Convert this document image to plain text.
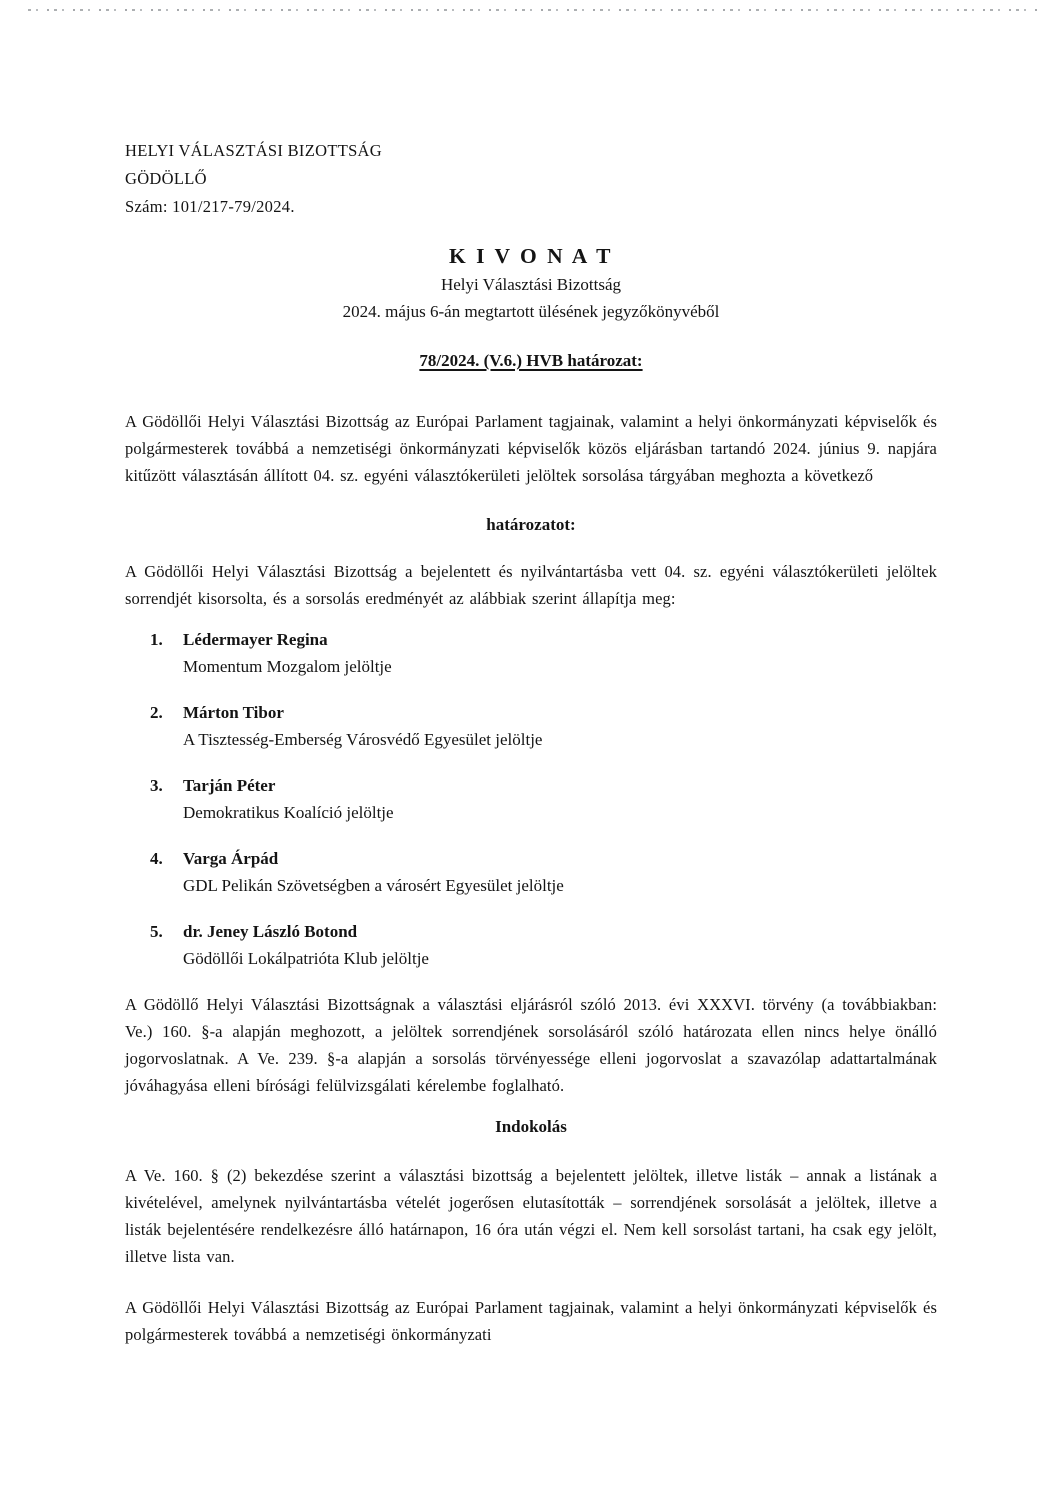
HELYI VÁLASZTÁSI BIZOTTSÁG
GÖDÖLLŐ
Szám: 101/217-79/2024.
K I V O N A T
Helyi Választási Bizottság
2024. május 6-án megtartott ülésének jegyzőkönyvéből
78/2024. (V.6.) HVB határozat:
A Gödöllői Helyi Választási Bizottság az Európai Parlament tagjainak, valamint a helyi önkormányzati képviselők és polgármesterek továbbá a nemzetiségi önkormányzati képviselők közös eljárásban tartandó 2024. június 9. napjára kitűzött választásán állított 04. sz. egyéni választókerületi jelöltek sorsolása tárgyában meghozta a következő
határozatot:
A Gödöllői Helyi Választási Bizottság a bejelentett és nyilvántartásba vett 04. sz. egyéni választókerületi jelöltek sorrendjét kisorsolta, és a sorsolás eredményét az alábbiak szerint állapítja meg:
1.	Lédermayer Regina
Momentum Mozgalom jelöltje
2.	Márton Tibor
A Tisztesség-Emberség Városvédő Egyesület jelöltje
3.	Tarján Péter
Demokratikus Koalíció jelöltje
4.	Varga Árpád
GDL Pelikán Szövetségben a városért Egyesület jelöltje
5.	dr. Jeney László Botond
Gödöllői Lokálpatrióta Klub jelöltje
A Gödöllő Helyi Választási Bizottságnak a választási eljárásról szóló 2013. évi XXXVI. törvény (a továbbiakban: Ve.) 160. §-a alapján meghozott, a jelöltek sorrendjének sorsolásáról szóló határozata ellen nincs helye önálló jogorvoslatnak. A Ve. 239. §-a alapján a sorsolás törvényessége elleni jogorvoslat a szavazólap adattartalmának jóváhagyása elleni bírósági felülvizsgálati kérelembe foglalható.
Indokolás
A Ve. 160. § (2) bekezdése szerint a választási bizottság a bejelentett jelöltek, illetve listák – annak a listának a kivételével, amelynek nyilvántartásba vételét jogerősen elutasították – sorrendjének sorsolását a jelöltek, illetve a listák bejelentésére rendelkezésre álló határnapon, 16 óra után végzi el. Nem kell sorsolást tartani, ha csak egy jelölt, illetve lista van.
A Gödöllői Helyi Választási Bizottság az Európai Parlament tagjainak, valamint a helyi önkormányzati képviselők és polgármesterek továbbá a nemzetiségi önkormányzati
